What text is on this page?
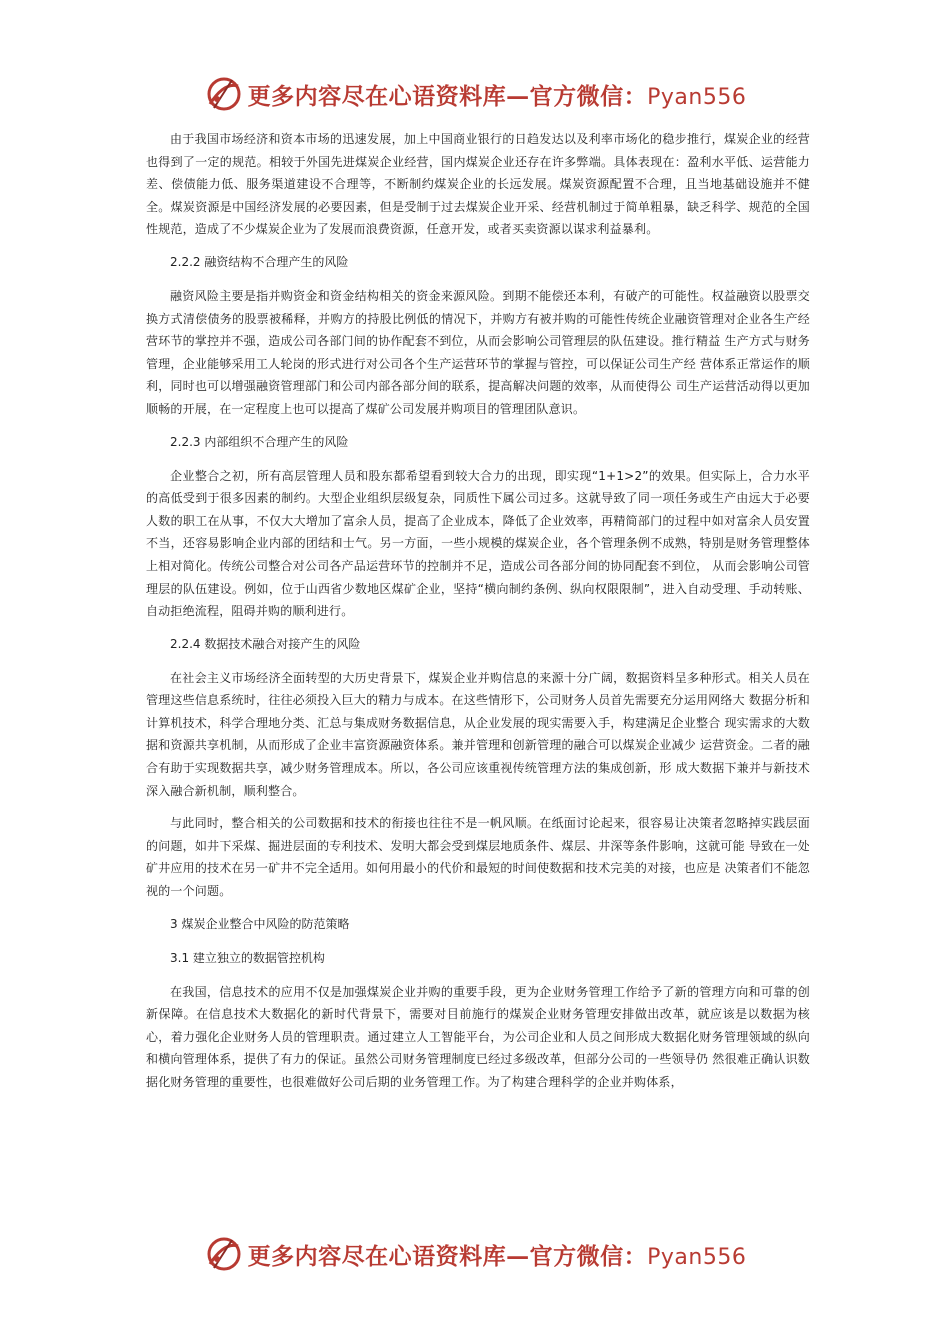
更多内容尽在心语资料库—官方微信：Pyan556

由于我国市场经济和资本市场的迅速发展，加上中国商业银行的日趋发达以及利率市场化的稳步推行，煤炭企业的经营也得到了一定的规范。相较于外国先进煤炭企业经营，国内煤炭企业还存在许多弊端。具体表现在：盈利水平低、运营能力差、偿债能力低、服务渠道建设不合理等，不断制约煤炭企业的长远发展。煤炭资源配置不合理，且当地基础设施并不健全。煤炭资源是中国经济发展的必要因素，但是受制于过去煤炭企业开采、经营机制过于简单粗暴，缺乏科学、规范的全国性规范，造成了不少煤炭企业为了发展而浪费资源，任意开发，或者买卖资源以谋求利益暴利。

2.2.2 融资结构不合理产生的风险

融资风险主要是指并购资金和资金结构相关的资金来源风险。到期不能偿还本利，有破产的可能性。权益融资以股票交换方式清偿债务的股票被稀释，并购方的持股比例低的情况下，并购方有被并购的可能性传统企业融资管理对企业各生产经营环节的掌控并不强，造成公司各部门间的协作配套不到位，从而会影响公司管理层的队伍建设。推行精益 生产方式与财务管理，企业能够采用工人轮岗的形式进行对公司各个生产运营环节的掌握与管控，可以保证公司生产经 营体系正常运作的顺利，同时也可以增强融资管理部门和公司内部各部分间的联系，提高解决问题的效率，从而使得公 司生产运营活动得以更加顺畅的开展，在一定程度上也可以提高了煤矿公司发展并购项目的管理团队意识。

2.2.3 内部组织不合理产生的风险

企业整合之初，所有高层管理人员和股东都希望看到较大合力的出现，即实现“1+1>2”的效果。但实际上，合力水平的高低受到于很多因素的制约。大型企业组织层级复杂，同质性下属公司过多。这就导致了同一项任务或生产由远大于必要人数的职工在从事，不仅大大增加了富余人员，提高了企业成本，降低了企业效率，再精简部门的过程中如对富余人员安置不当，还容易影响企业内部的团结和士气。另一方面，一些小规模的煤炭企业，各个管理条例不成熟，特别是财务管理整体上相对简化。传统公司整合对公司各产品运营环节的控制并不足，造成公司各部分间的协同配套不到位， 从而会影响公司管理层的队伍建设。例如，位于山西省少数地区煤矿企业，坚持“横向制约条例、纵向权限限制”，进入自动受理、手动转账、自动拒绝流程，阻碍并购的顺利进行。

2.2.4 数据技术融合对接产生的风险

在社会主义市场经济全面转型的大历史背景下，煤炭企业并购信息的来源十分广阔，数据资料呈多种形式。相关人员在管理这些信息系统时，往往必须投入巨大的精力与成本。在这些情形下，公司财务人员首先需要充分运用网络大 数据分析和计算机技术，科学合理地分类、汇总与集成财务数据信息，从企业发展的现实需要入手，构建满足企业整合 现实需求的大数据和资源共享机制，从而形成了企业丰富资源融资体系。兼并管理和创新管理的融合可以煤炭企业减少 运营资金。二者的融合有助于实现数据共享，减少财务管理成本。所以，各公司应该重视传统管理方法的集成创新，形 成大数据下兼并与新技术深入融合新机制，顺利整合。

与此同时，整合相关的公司数据和技术的衔接也往往不是一帆风顺。在纸面讨论起来，很容易让决策者忽略掉实践层面的问题，如井下采煤、掘进层面的专利技术、发明大都会受到煤层地质条件、煤层、井深等条件影响，这就可能 导致在一处矿井应用的技术在另一矿井不完全适用。如何用最小的代价和最短的时间使数据和技术完美的对接，也应是 决策者们不能忽视的一个问题。

3 煤炭企业整合中风险的防范策略
3.1 建立独立的数据管控机构

在我国，信息技术的应用不仅是加强煤炭企业并购的重要手段，更为企业财务管理工作给予了新的管理方向和可靠的创新保障。在信息技术大数据化的新时代背景下，需要对目前施行的煤炭企业财务管理安排做出改革，就应该是以数据为核心，着力强化企业财务人员的管理职责。通过建立人工智能平台，为公司企业和人员之间形成大数据化财务管理领域的纵向和横向管理体系，提供了有力的保证。虽然公司财务管理制度已经过多级改革，但部分公司的一些领导仍 然很难正确认识数据化财务管理的重要性，也很难做好公司后期的业务管理工作。为了构建合理科学的企业并购体系，

更多内容尽在心语资料库—官方微信：Pyan556
